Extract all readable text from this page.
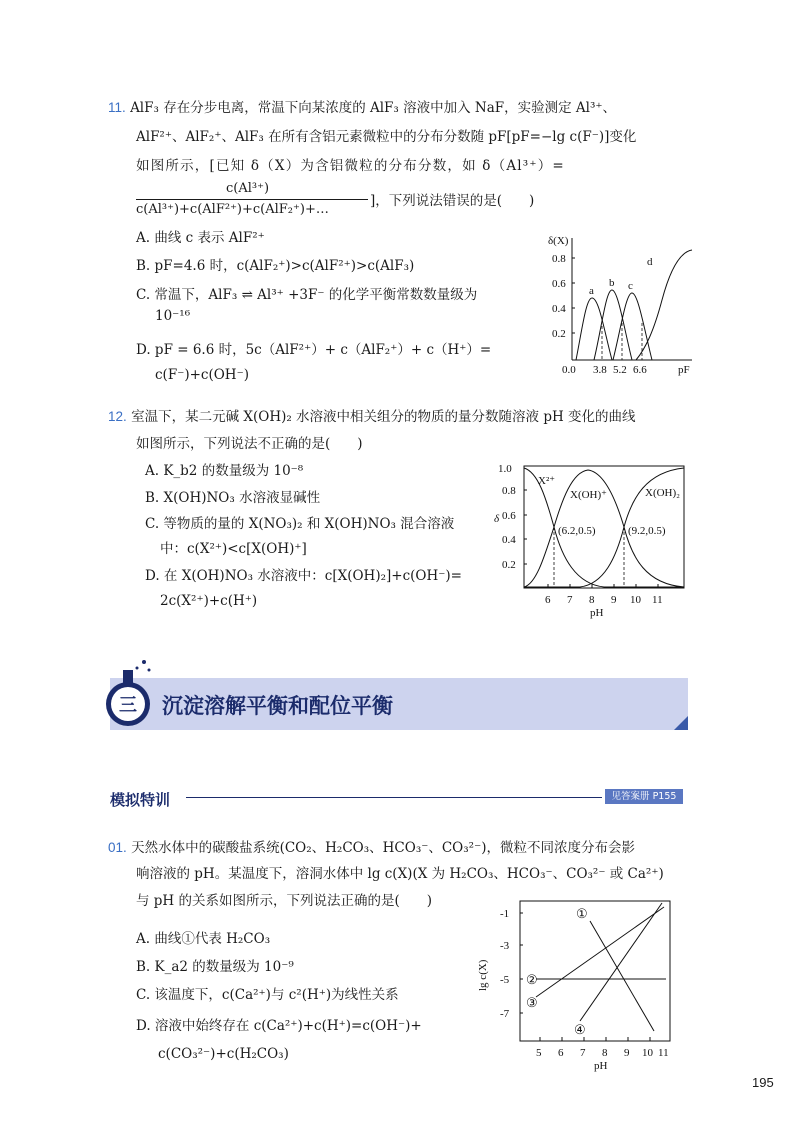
11. AlF₃ 存在分步电离，常温下向某浓度的 AlF₃ 溶液中加入 NaF，实验测定 Al³⁺、
AlF²⁺、AlF₂⁺、AlF₃ 在所有含铝元素微粒中的分布分数随 pF[pF=−lg c(F⁻)]变化
如图所示，[已知 δ（X）为含铝微粒的分布分数，如 δ（Al³⁺）=
c(Al³⁺)
c(Al³⁺)+c(AlF²⁺)+c(AlF₂⁺)+…
]，下列说法错误的是(　　)
A. 曲线 c 表示 AlF²⁺
B. pF=4.6 时，c(AlF₂⁺)>c(AlF²⁺)>c(AlF₃)
C. 常温下，AlF₃ ⇌ Al³⁺ +3F⁻ 的化学平衡常数数量级为
10⁻¹⁶
D. pF = 6.6 时，5c（AlF²⁺）+ c（AlF₂⁺）+ c（H⁺）=
c(F⁻)+c(OH⁻)
δ(X)
0.8
0.6
0.4
0.2
0.0 3.8 5.2 6.6	pF
a
b c
d
12. 室温下，某二元碱 X(OH)₂ 水溶液中相关组分的物质的量分数随溶液 pH 变化的曲线
如图所示，下列说法不正确的是(　　)
A. K_b2 的数量级为 10⁻⁸
B. X(OH)NO₃ 水溶液显碱性
C. 等物质的量的 X(NO₃)₂ 和 X(OH)NO₃ 混合溶液
中：c(X²⁺)<c[X(OH)⁺]
D. 在 X(OH)NO₃ 水溶液中：c[X(OH)₂]+c(OH⁻)=
2c(X²⁺)+c(H⁺)
1.0
0.8
0.6
0.4
0.2
δ
6 7 8 9 10 11
pH
X²⁺
X(OH)⁺	X(OH)₂
(6.2,0.5)	(9.2,0.5)
三 沉淀溶解平衡和配位平衡
模拟特训	见答案册 P155
01. 天然水体中的碳酸盐系统(CO₂、H₂CO₃、HCO₃⁻、CO₃²⁻)，微粒不同浓度分布会影
响溶液的 pH。某温度下，溶洞水体中 lg c(X)(X 为 H₂CO₃、HCO₃⁻、CO₃²⁻ 或 Ca²⁺)
与 pH 的关系如图所示，下列说法正确的是(　　)
A. 曲线①代表 H₂CO₃
B. K_a2 的数量级为 10⁻⁹
C. 该温度下，c(Ca²⁺)与 c²(H⁺)为线性关系
D. 溶液中始终存在 c(Ca²⁺)+c(H⁺)=c(OH⁻)+
c(CO₃²⁻)+c(H₂CO₃)
-1
-3
-5
-7
lg c(X)
5 6 7 8 9 10 11
pH
①
②
③
④
195
